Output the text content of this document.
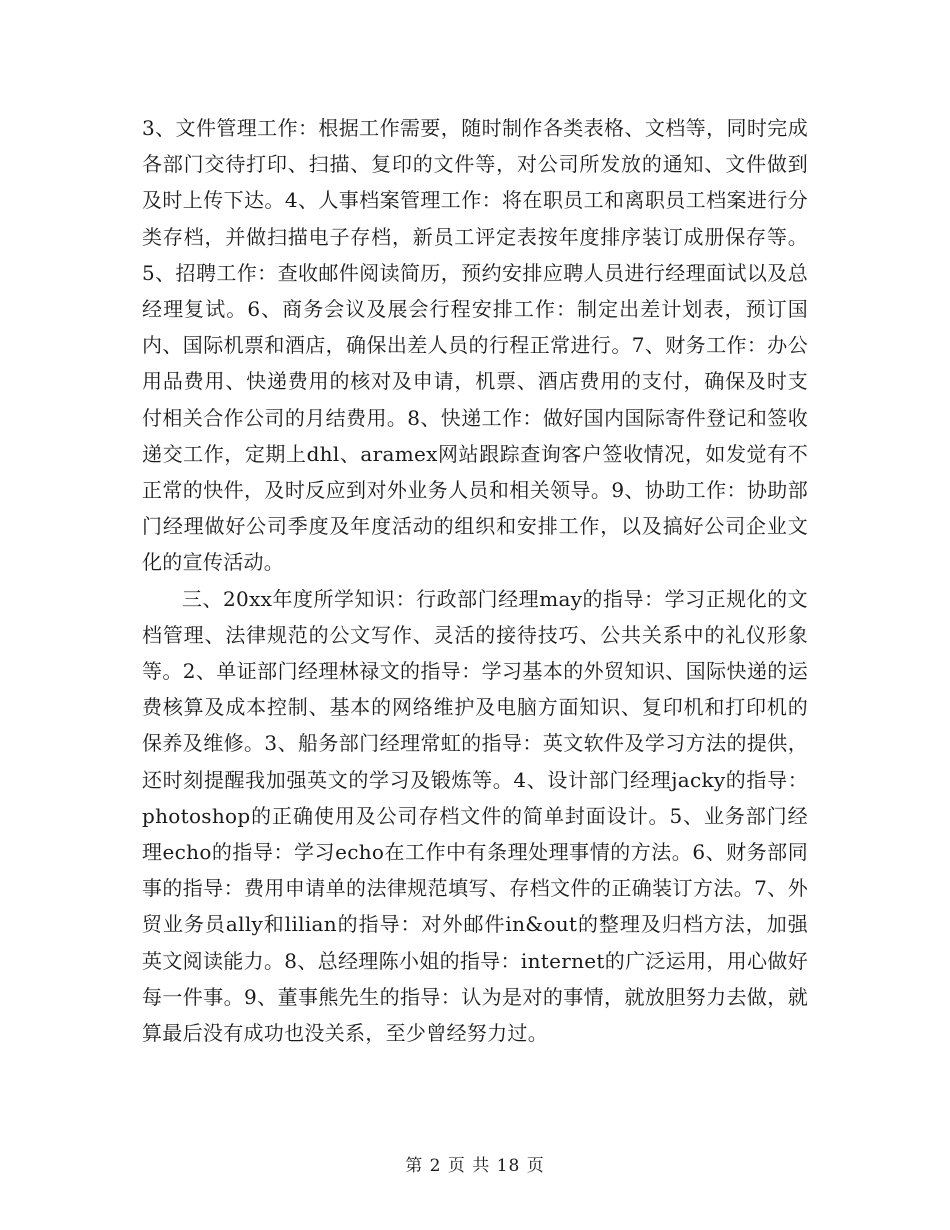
3、文件管理工作：根据工作需要，随时制作各类表格、文档等，同时完成各部门交待打印、扫描、复印的文件等，对公司所发放的通知、文件做到及时上传下达。4、人事档案管理工作：将在职员工和离职员工档案进行分类存档，并做扫描电子存档，新员工评定表按年度排序装订成册保存等。5、招聘工作：查收邮件阅读简历，预约安排应聘人员进行经理面试以及总经理复试。6、商务会议及展会行程安排工作：制定出差计划表，预订国内、国际机票和酒店，确保出差人员的行程正常进行。7、财务工作：办公用品费用、快递费用的核对及申请，机票、酒店费用的支付，确保及时支付相关合作公司的月结费用。8、快递工作：做好国内国际寄件登记和签收递交工作，定期上dhl、aramex网站跟踪查询客户签收情况，如发觉有不正常的快件，及时反应到对外业务人员和相关领导。9、协助工作：协助部门经理做好公司季度及年度活动的组织和安排工作，以及搞好公司企业文化的宣传活动。

三、20xx年度所学知识：行政部门经理may的指导：学习正规化的文档管理、法律规范的公文写作、灵活的接待技巧、公共关系中的礼仪形象等。2、单证部门经理林禄文的指导：学习基本的外贸知识、国际快递的运费核算及成本控制、基本的网络维护及电脑方面知识、复印机和打印机的保养及维修。3、船务部门经理常虹的指导：英文软件及学习方法的提供，还时刻提醒我加强英文的学习及锻炼等。4、设计部门经理jacky的指导：photoshop的正确使用及公司存档文件的简单封面设计。5、业务部门经理echo的指导：学习echo在工作中有条理处理事情的方法。6、财务部同事的指导：费用申请单的法律规范填写、存档文件的正确装订方法。7、外贸业务员ally和lilian的指导：对外邮件in&out的整理及归档方法，加强英文阅读能力。8、总经理陈小姐的指导：internet的广泛运用，用心做好每一件事。9、董事熊先生的指导：认为是对的事情，就放胆努力去做，就算最后没有成功也没关系，至少曾经努力过。

第 2 页 共 18 页
